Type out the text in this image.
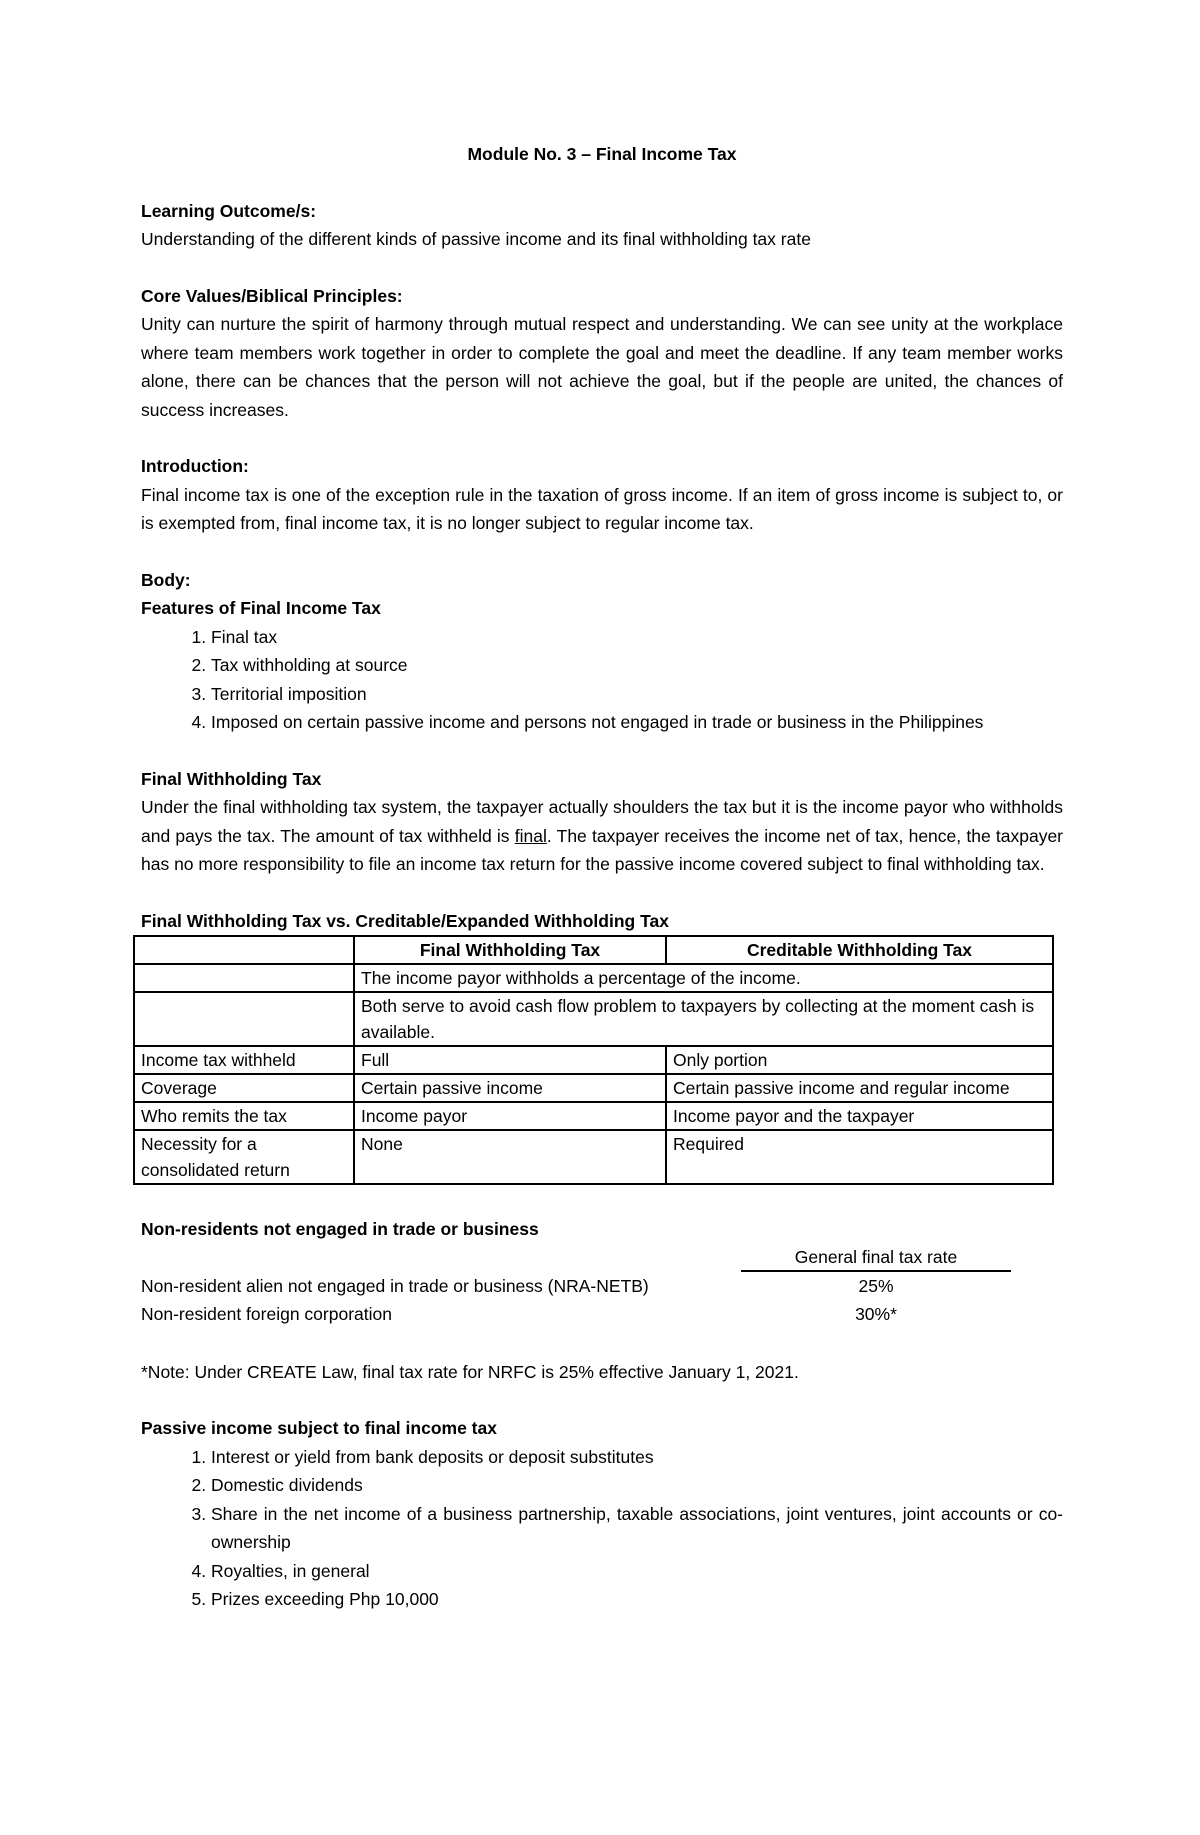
Module No. 3 – Final Income Tax

Learning Outcome/s:

Understanding of the different kinds of passive income and its final withholding tax rate

Core Values/Biblical Principles:

Unity can nurture the spirit of harmony through mutual respect and understanding. We can see unity at the workplace where team members work together in order to complete the goal and meet the deadline. If any team member works alone, there can be chances that the person will not achieve the goal, but if the people are united, the chances of success increases.

Introduction:

Final income tax is one of the exception rule in the taxation of gross income. If an item of gross income is subject to, or is exempted from, final income tax, it is no longer subject to regular income tax.

Body:

Features of Final Income Tax

1. Final tax
2. Tax withholding at source
3. Territorial imposition
4. Imposed on certain passive income and persons not engaged in trade or business in the Philippines

Final Withholding Tax

Under the final withholding tax system, the taxpayer actually shoulders the tax but it is the income payor who withholds and pays the tax. The amount of tax withheld is final. The taxpayer receives the income net of tax, hence, the taxpayer has no more responsibility to file an income tax return for the passive income covered subject to final withholding tax.

Final Withholding Tax vs. Creditable/Expanded Withholding Tax

	Final Withholding Tax	Creditable Withholding Tax
	The income payor withholds a percentage of the income.	
	Both serve to avoid cash flow problem to taxpayers by collecting at the moment cash is available.	
Income tax withheld	Full	Only portion
Coverage	Certain passive income	Certain passive income and regular income
Who remits the tax	Income payor	Income payor and the taxpayer
Necessity for a consolidated return	None	Required

Non-residents not engaged in trade or business

General final tax rate
Non-resident alien not engaged in trade or business (NRA-NETB)	25%
Non-resident foreign corporation	30%*

*Note: Under CREATE Law, final tax rate for NRFC is 25% effective January 1, 2021.

Passive income subject to final income tax

1. Interest or yield from bank deposits or deposit substitutes
2. Domestic dividends
3. Share in the net income of a business partnership, taxable associations, joint ventures, joint accounts or co-ownership
4. Royalties, in general
5. Prizes exceeding Php 10,000
